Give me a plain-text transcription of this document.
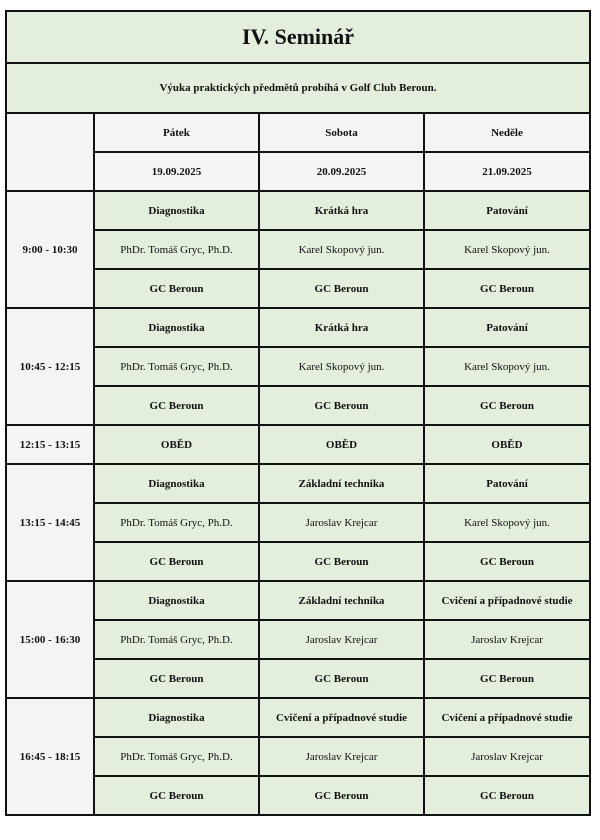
IV. Seminář			
Výuka praktických předmětů probíhá v Golf Club Beroun.			
	Pátek	Sobota	Neděle
	19.09.2025	20.09.2025	21.09.2025
9:00 - 10:30	Diagnostika	Krátká hra	Patování
	PhDr. Tomáš Gryc, Ph.D.	Karel Skopový jun.	Karel Skopový jun.
	GC Beroun	GC Beroun	GC Beroun
10:45 - 12:15	Diagnostika	Krátká hra	Patování
	PhDr. Tomáš Gryc, Ph.D.	Karel Skopový jun.	Karel Skopový jun.
	GC Beroun	GC Beroun	GC Beroun
12:15 - 13:15	OBĚD	OBĚD	OBĚD
13:15 - 14:45	Diagnostika	Základní technika	Patování
	PhDr. Tomáš Gryc, Ph.D.	Jaroslav Krejcar	Karel Skopový jun.
	GC Beroun	GC Beroun	GC Beroun
15:00 - 16:30	Diagnostika	Základní technika	Cvičení a případnové studie
	PhDr. Tomáš Gryc, Ph.D.	Jaroslav Krejcar	Jaroslav Krejcar
	GC Beroun	GC Beroun	GC Beroun
16:45 - 18:15	Diagnostika	Cvičení a případnové studie	Cvičení a případnové studie
	PhDr. Tomáš Gryc, Ph.D.	Jaroslav Krejcar	Jaroslav Krejcar
	GC Beroun	GC Beroun	GC Beroun
